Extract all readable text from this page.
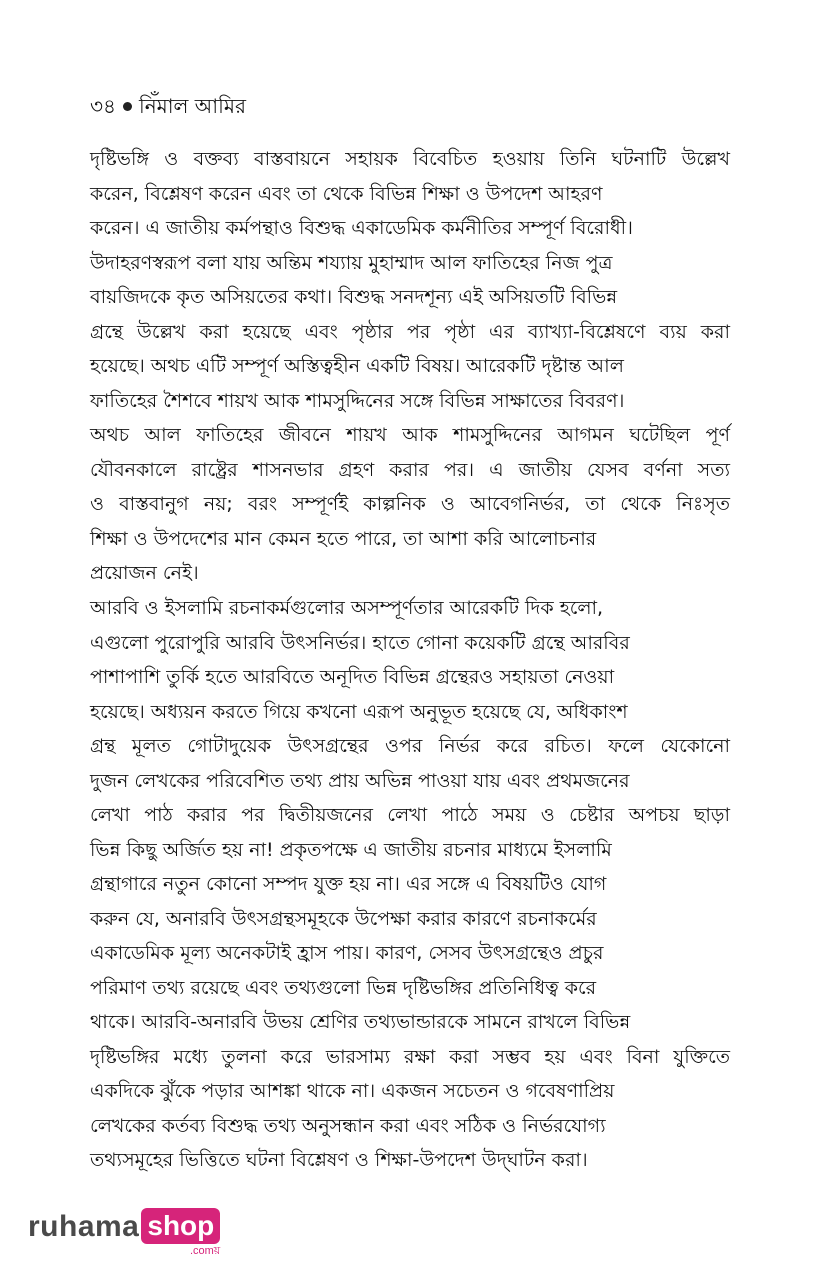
৩৪ নিঁমাল আমির

দৃষ্টিভঙ্গি ও বক্তব্য বাস্তবায়নে সহায়ক বিবেচিত হওয়ায় তিনি ঘটনাটি উল্লেখ
করেন, বিশ্লেষণ করেন এবং তা থেকে বিভিন্ন শিক্ষা ও উপদেশ আহরণ
করেন। এ জাতীয় কর্মপন্থাও বিশুদ্ধ একাডেমিক কর্মনীতির সম্পূর্ণ বিরোধী।
উদাহরণস্বরূপ বলা যায় অন্তিম শয্যায় মুহাম্মাদ আল ফাতিহের নিজ পুত্র
বায়জিদকে কৃত অসিয়তের কথা। বিশুদ্ধ সনদশূন্য এই অসিয়তটি বিভিন্ন
গ্রন্থে উল্লেখ করা হয়েছে এবং পৃষ্ঠার পর পৃষ্ঠা এর ব্যাখ্যা-বিশ্লেষণে ব্যয় করা
হয়েছে। অথচ এটি সম্পূর্ণ অস্তিত্বহীন একটি বিষয়। আরেকটি দৃষ্টান্ত আল
ফাতিহের শৈশবে শায়খ আক শামসুদ্দিনের সঙ্গে বিভিন্ন সাক্ষাতের বিবরণ।
অথচ আল ফাতিহের জীবনে শায়খ আক শামসুদ্দিনের আগমন ঘটেছিল পূর্ণ
যৌবনকালে রাষ্ট্রের শাসনভার গ্রহণ করার পর। এ জাতীয় যেসব বর্ণনা সত্য
ও বাস্তবানুগ নয়; বরং সম্পূর্ণই কাল্পনিক ও আবেগনির্ভর, তা থেকে নিঃসৃত
শিক্ষা ও উপদেশের মান কেমন হতে পারে, তা আশা করি আলোচনার
প্রয়োজন নেই।

আরবি ও ইসলামি রচনাকর্মগুলোর অসম্পূর্ণতার আরেকটি দিক হলো,
এগুলো পুরোপুরি আরবি উৎসনির্ভর। হাতে গোনা কয়েকটি গ্রন্থে আরবির
পাশাপাশি তুর্কি হতে আরবিতে অনূদিত বিভিন্ন গ্রন্থেরও সহায়তা নেওয়া
হয়েছে। অধ্যয়ন করতে গিয়ে কখনো এরূপ অনুভূত হয়েছে যে, অধিকাংশ
গ্রন্থ মূলত গোটাদুয়েক উৎসগ্রন্থের ওপর নির্ভর করে রচিত। ফলে যেকোনো
দুজন লেখকের পরিবেশিত তথ্য প্রায় অভিন্ন পাওয়া যায় এবং প্রথমজনের
লেখা পাঠ করার পর দ্বিতীয়জনের লেখা পাঠে সময় ও চেষ্টার অপচয় ছাড়া
ভিন্ন কিছু অর্জিত হয় না! প্রকৃতপক্ষে এ জাতীয় রচনার মাধ্যমে ইসলামি
গ্রন্থাগারে নতুন কোনো সম্পদ যুক্ত হয় না। এর সঙ্গে এ বিষয়টিও যোগ
করুন যে, অনারবি উৎসগ্রন্থসমূহকে উপেক্ষা করার কারণে রচনাকর্মের
একাডেমিক মূল্য অনেকটাই হ্রাস পায়। কারণ, সেসব উৎসগ্রন্থেও প্রচুর
পরিমাণ তথ্য রয়েছে এবং তথ্যগুলো ভিন্ন দৃষ্টিভঙ্গির প্রতিনিধিত্ব করে
থাকে। আরবি-অনারবি উভয় শ্রেণির তথ্যভান্ডারকে সামনে রাখলে বিভিন্ন
দৃষ্টিভঙ্গির মধ্যে তুলনা করে ভারসাম্য রক্ষা করা সম্ভব হয় এবং বিনা যুক্তিতে
একদিকে ঝুঁকে পড়ার আশঙ্কা থাকে না। একজন সচেতন ও গবেষণাপ্রিয়
লেখকের কর্তব্য বিশুদ্ধ তথ্য অনুসন্ধান করা এবং সঠিক ও নির্ভরযোগ্য
তথ্যসমূহের ভিত্তিতে ঘটনা বিশ্লেষণ ও শিক্ষা-উপদেশ উদ্‌ঘাটন করা।

ruhama shop
.comয়
